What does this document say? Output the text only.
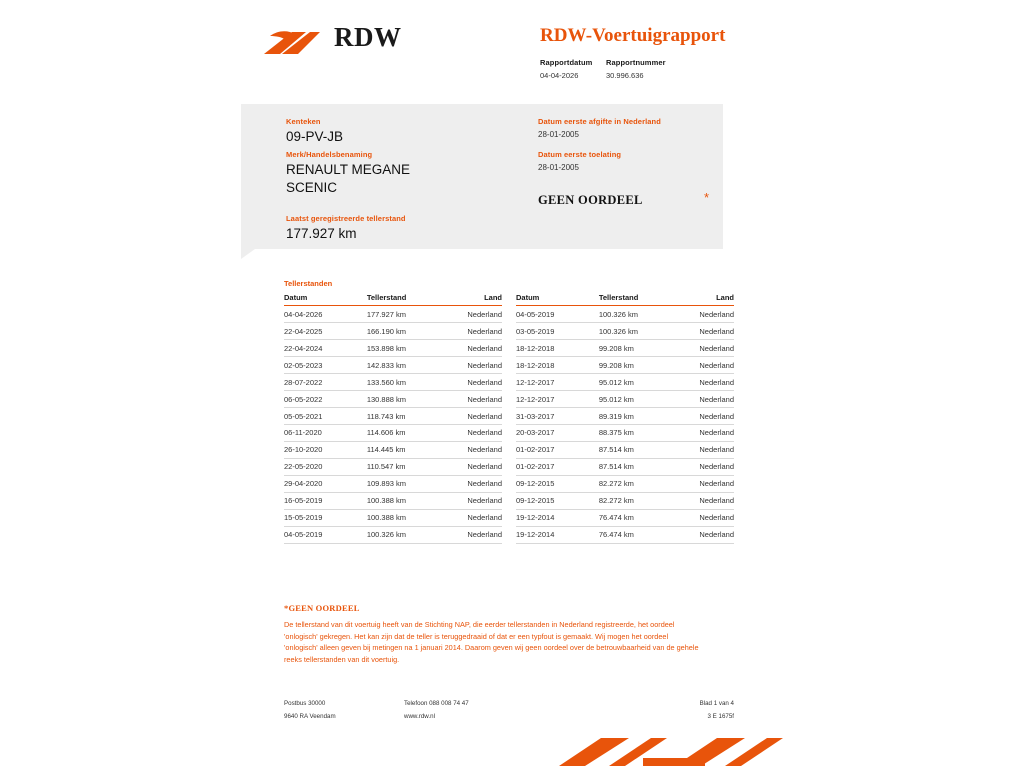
RDW	RDW-Voertuigrapport
Rapportdatum
04-04-2026
Rapportnummer
30.996.636
Kenteken
09-PV-JB
Merk/Handelsbenaming
RENAULT MEGANE
SCENIC
Laatst geregistreerde tellerstand
177.927 km
Datum eerste afgifte in Nederland
28-01-2005
Datum eerste toelating
28-01-2005
GEEN OORDEEL	*
Tellerstanden
Datum	Tellerstand	Land
04-04-2026	177.927 km	Nederland
22-04-2025	166.190 km	Nederland
22-04-2024	153.898 km	Nederland
02-05-2023	142.833 km	Nederland
28-07-2022	133.560 km	Nederland
06-05-2022	130.888 km	Nederland
05-05-2021	118.743 km	Nederland
06-11-2020	114.606 km	Nederland
26-10-2020	114.445 km	Nederland
22-05-2020	110.547 km	Nederland
29-04-2020	109.893 km	Nederland
16-05-2019	100.388 km	Nederland
15-05-2019	100.388 km	Nederland
04-05-2019	100.326 km	Nederland
Datum	Tellerstand	Land
04-05-2019	100.326 km	Nederland
03-05-2019	100.326 km	Nederland
18-12-2018	99.208 km	Nederland
18-12-2018	99.208 km	Nederland
12-12-2017	95.012 km	Nederland
12-12-2017	95.012 km	Nederland
31-03-2017	89.319 km	Nederland
20-03-2017	88.375 km	Nederland
01-02-2017	87.514 km	Nederland
01-02-2017	87.514 km	Nederland
09-12-2015	82.272 km	Nederland
09-12-2015	82.272 km	Nederland
19-12-2014	76.474 km	Nederland
19-12-2014	76.474 km	Nederland
*GEEN OORDEEL
De tellerstand van dit voertuig heeft van de Stichting NAP, die eerder tellerstanden in Nederland registreerde, het oordeel 'onlogisch' gekregen. Het kan zijn dat de teller is teruggedraaid of dat er een typfout is gemaakt. Wij mogen het oordeel 'onlogisch' alleen geven bij metingen na 1 januari 2014. Daarom geven wij geen oordeel over de betrouwbaarheid van de gehele reeks tellerstanden van dit voertuig.
Postbus 30000
9640 RA Veendam
Telefoon 088 008 74 47
www.rdw.nl
Blad 1 van 4
3 E 1675f
